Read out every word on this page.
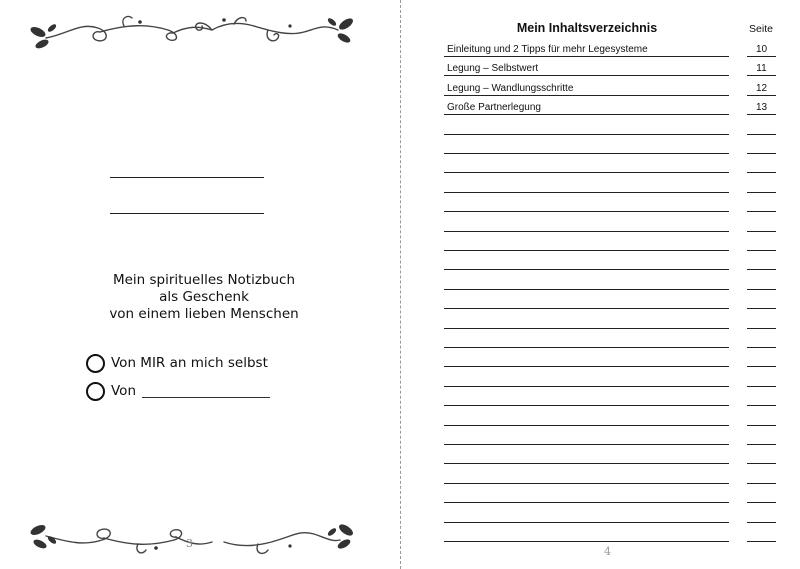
Mein spirituelles Notizbuch
als Geschenk
von einem lieben Menschen
Von MIR an mich selbst
Von
3
Mein Inhaltsverzeichnis	Seite
Einleitung und 2 Tipps für mehr Legesysteme	10
Legung – Selbstwert	11
Legung – Wandlungsschritte	12
Große Partnerlegung	13
4
